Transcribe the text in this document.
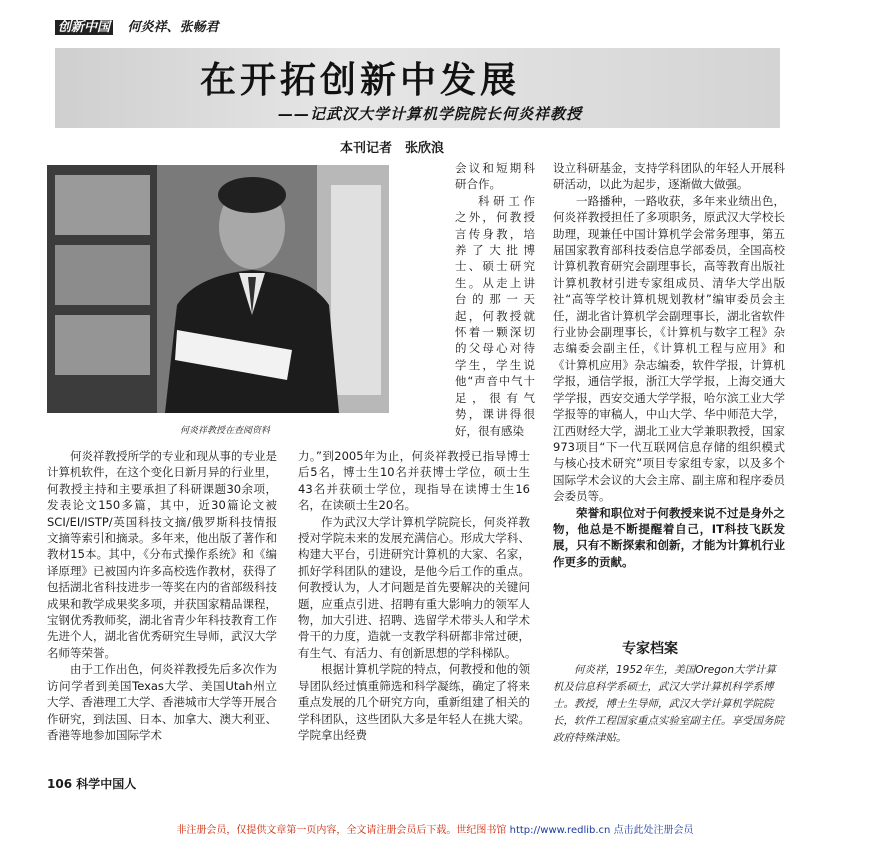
创新中国 何炎祥、张畅君
在开拓创新中发展
——记武汉大学计算机学院院长何炎祥教授
本刊记者　张欣浪
何炎祥教授在查阅资料

会议和短期科研合作。

科研工作之外，何教授言传身教，培养了大批博士、硕士研究生。从走上讲台的那一天起，何教授就怀着一颗深切的父母心对待学生，学生说他“声音中气十足，很有气势，课讲得很好，很有感染

何炎祥教授所学的专业和现从事的专业是计算机软件，在这个变化日新月异的行业里，何教授主持和主要承担了科研课题30余项，发表论文150多篇，其中，近30篇论文被SCI/EI/ISTP/英国科技文摘/俄罗斯科技情报文摘等索引和摘录。多年来，他出版了著作和教材15本。其中，《分布式操作系统》和《编译原理》已被国内许多高校选作教材，获得了包括湖北省科技进步一等奖在内的省部级科技成果和教学成果奖多项，并获国家精品课程，宝钢优秀教师奖，湖北省青少年科技教育工作先进个人，湖北省优秀研究生导师，武汉大学名师等荣誉。

由于工作出色，何炎祥教授先后多次作为访问学者到美国Texas大学、美国Utah州立大学、香港理工大学、香港城市大学等开展合作研究，到法国、日本、加拿大、澳大利亚、香港等地参加国际学术

力。”到2005年为止，何炎祥教授已指导博士后5名，博士生10名并获博士学位，硕士生43名并获硕士学位，现指导在读博士生16名，在读硕士生20名。

作为武汉大学计算机学院院长，何炎祥教授对学院未来的发展充满信心。形成大学科、构建大平台，引进研究计算机的大家、名家，抓好学科团队的建设，是他今后工作的重点。何教授认为，人才问题是首先要解决的关键问题，应重点引进、招聘有重大影响力的领军人物，加大引进、招聘、选留学术带头人和学术骨干的力度，造就一支教学科研都非常过硬，有生气、有活力、有创新思想的学科梯队。

根据计算机学院的特点，何教授和他的领导团队经过慎重筛选和科学凝练，确定了将来重点发展的几个研究方向，重新组建了相关的学科团队，这些团队大多是年轻人在挑大梁。学院拿出经费

设立科研基金，支持学科团队的年轻人开展科研活动，以此为起步，逐渐做大做强。

一路播种，一路收获，多年来业绩出色，何炎祥教授担任了多项职务，原武汉大学校长助理，现兼任中国计算机学会常务理事，第五届国家教育部科技委信息学部委员，全国高校计算机教育研究会副理事长，高等教育出版社计算机教材引进专家组成员、清华大学出版社“高等学校计算机规划教材”编审委员会主任，湖北省计算机学会副理事长，湖北省软件行业协会副理事长，《计算机与数字工程》杂志编委会副主任，《计算机工程与应用》和《计算机应用》杂志编委，软件学报，计算机学报，通信学报，浙江大学学报，上海交通大学学报，西安交通大学学报，哈尔滨工业大学学报等的审稿人，中山大学、华中师范大学，江西财经大学，湖北工业大学兼职教授，国家973项目“下一代互联网信息存储的组织模式与核心技术研究”项目专家组专家，以及多个国际学术会议的大会主席、副主席和程序委员会委员等。

荣誉和职位对于何教授来说不过是身外之物，他总是不断提醒着自己，IT科技飞跃发展，只有不断探索和创新，才能为计算机行业作更多的贡献。

专家档案

何炎祥，1952年生，美国Oregon大学计算机及信息科学系硕士，武汉大学计算机科学系博士。教授，博士生导师，武汉大学计算机学院院长，软件工程国家重点实验室副主任。享受国务院政府特殊津贴。

106 科学中国人
非注册会员，仅提供文章第一页内容，全文请注册会员后下载。世纪图书馆 http://www.redlib.cn 点击此处注册会员
